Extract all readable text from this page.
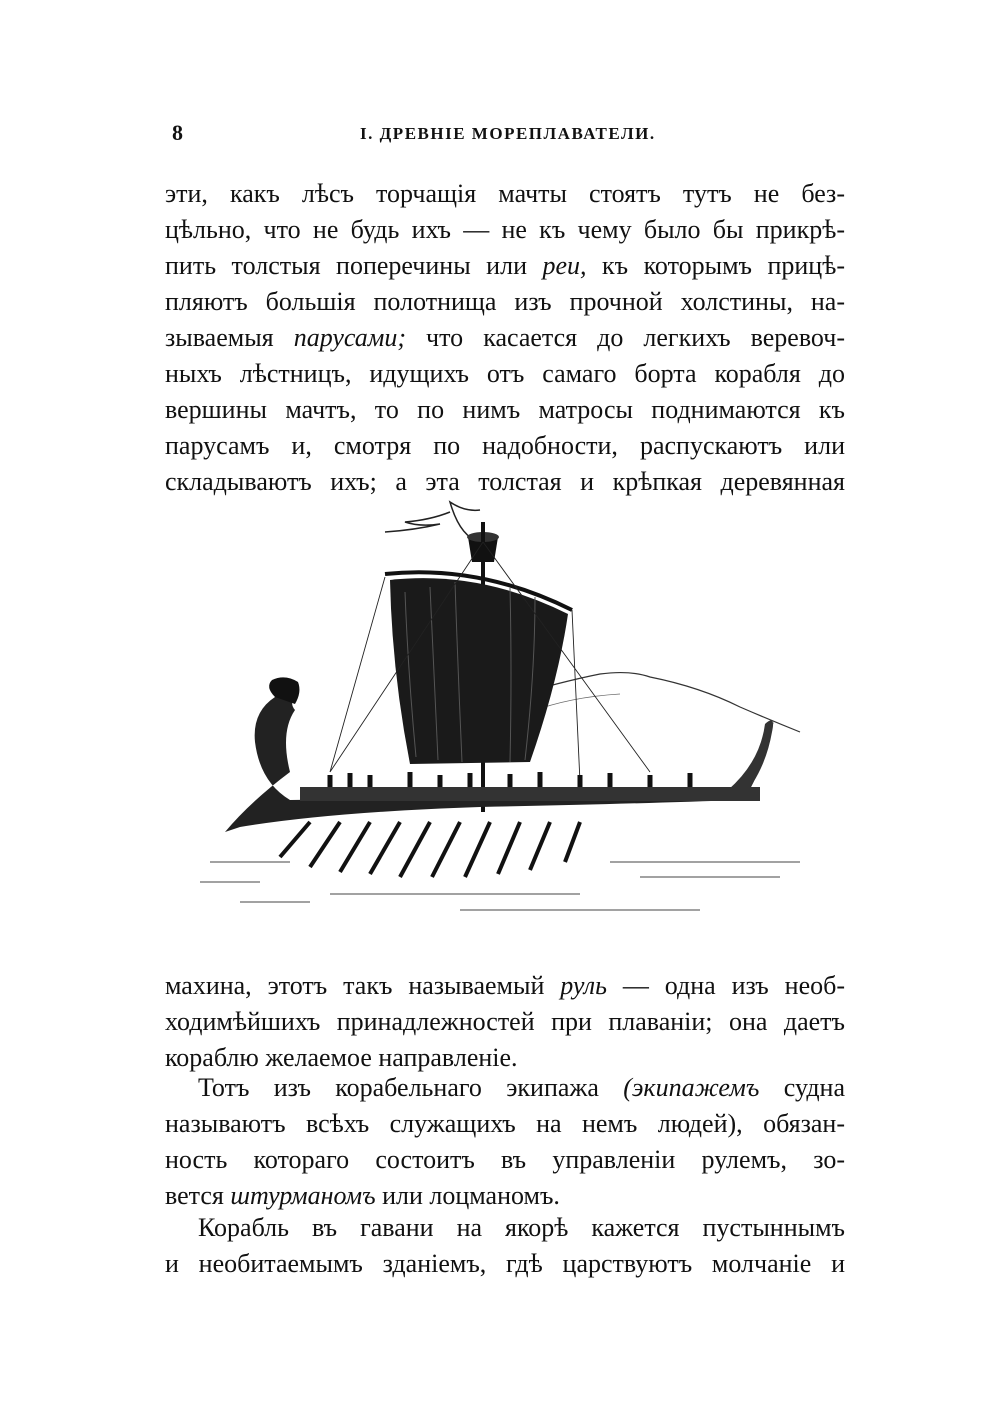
8	I. ДРЕВНІЕ МОРЕПЛАВАТЕЛИ.
эти, какъ лѣсъ торчащія мачты стоятъ тутъ не без-
цѣльно, что не будь ихъ — не къ чему было бы прикрѣ-
пить толстыя поперечины или реи, къ которымъ прицѣ-
пляютъ большія полотнища изъ прочной холстины, на-
зываемыя парусами; что касается до легкихъ веревоч-
ныхъ лѣстницъ, идущихъ отъ самаго борта корабля до
вершины мачтъ, то по нимъ матросы поднимаются къ
парусамъ и, смотря по надобности, распускаютъ или
складываютъ ихъ; а эта толстая и крѣпкая деревянная
махина, этотъ такъ называемый руль — одна изъ необ-
ходимѣйшихъ принадлежностей при плаваніи; она даетъ
кораблю желаемое направленіе.
Тотъ изъ корабельнаго экипажа (экипажемъ судна
называютъ всѣхъ служащихъ на немъ людей), обязан-
ность котораго состоитъ въ управленіи рулемъ, зо-
вется штурманомъ или лоцманомъ.
Корабль въ гавани на якорѣ кажется пустыннымъ
и необитаемымъ зданіемъ, гдѣ царствуютъ молчаніе и
